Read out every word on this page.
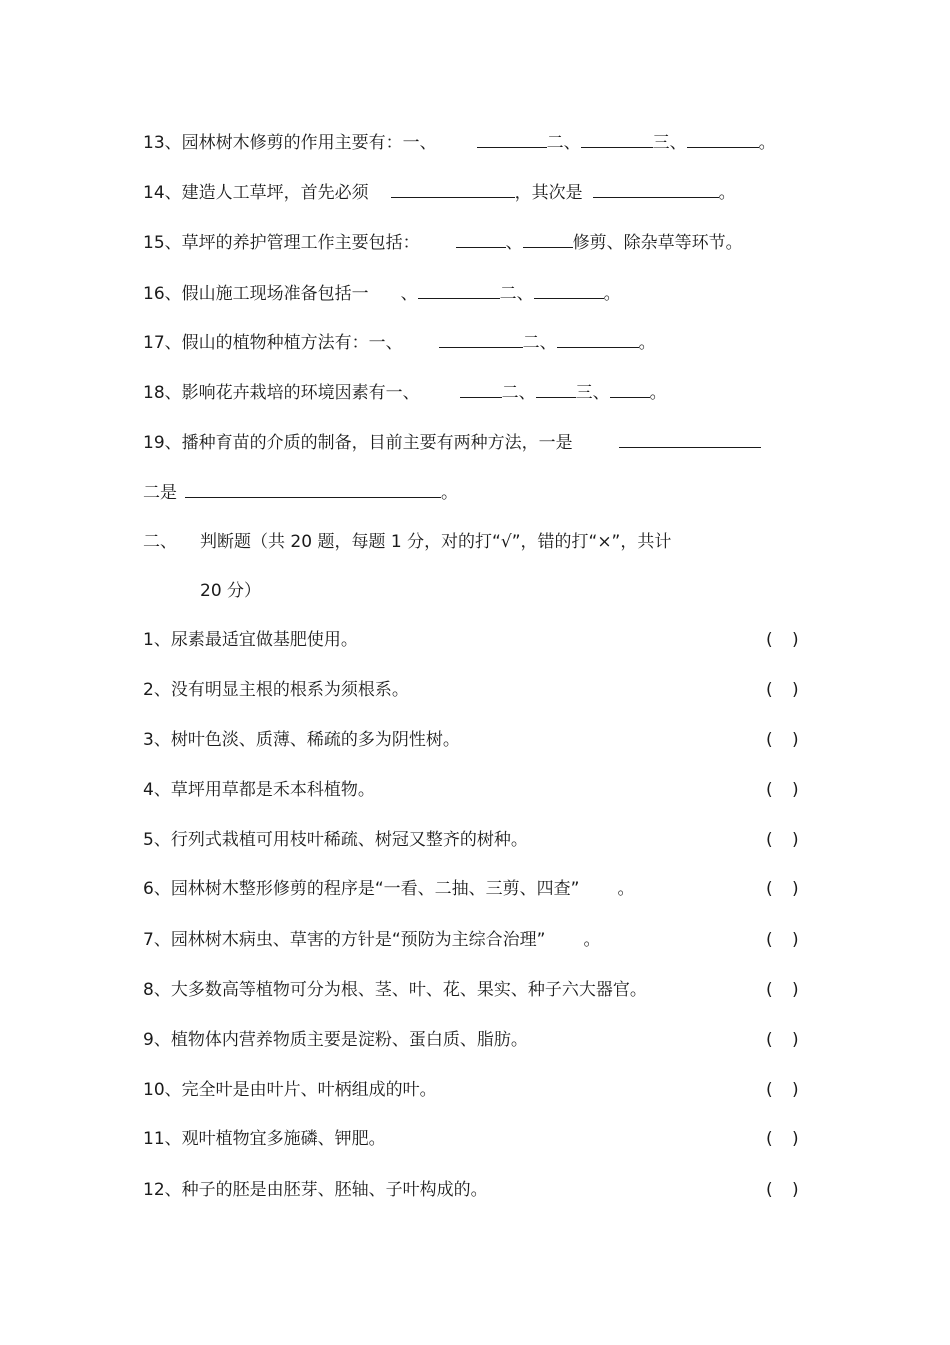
13、园林树木修剪的作用主要有：一、	二、	三、	。
14、建造人工草坪，首先必须	，其次是	。
15、草坪的养护管理工作主要包括：	、	修剪、除杂草等环节。
16、假山施工现场准备包括一 、	二、	。
17、假山的植物种植方法有：一、	二、	。
18、影响花卉栽培的环境因素有一、	二、 三、 。
19、播种育苗的介质的制备，目前主要有两种方法，一是
二是	。
二、 判断题（共 20 题，每题 1 分，对的打“√”，错的打“×”，共计
20 分）
1、尿素最适宜做基肥使用。	( )
2、没有明显主根的根系为须根系。	( )
3、树叶色淡、质薄、稀疏的多为阴性树。	( )
4、草坪用草都是禾本科植物。	( )
5、行列式栽植可用枝叶稀疏、树冠又整齐的树种。	( )
6、园林树木整形修剪的程序是“一看、二抽、三剪、四查” 。	( )
7、园林树木病虫、草害的方针是“预防为主综合治理” 。	( )
8、大多数高等植物可分为根、茎、叶、花、果实、种子六大器官。	( )
9、植物体内营养物质主要是淀粉、蛋白质、脂肪。	( )
10、完全叶是由叶片、叶柄组成的叶。	( )
11、观叶植物宜多施磷、钾肥。	( )
12、种子的胚是由胚芽、胚轴、子叶构成的。	( )
